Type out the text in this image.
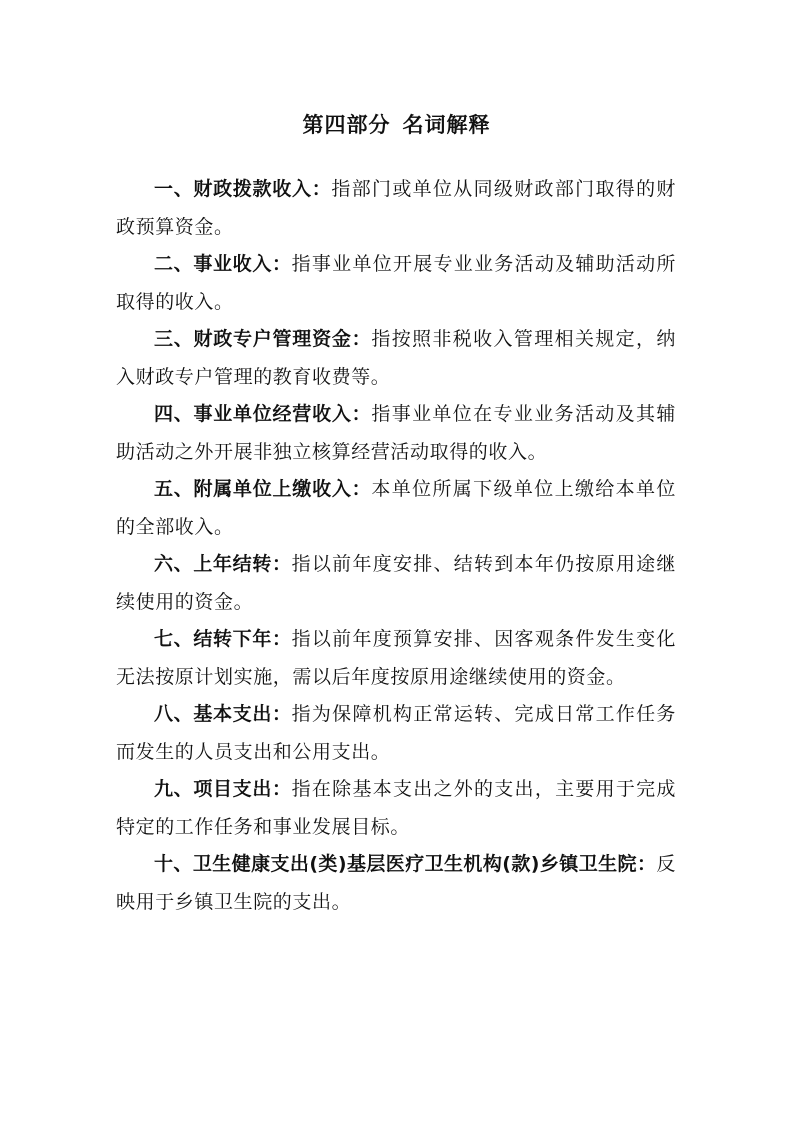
第四部分 名词解释

一、财政拨款收入：指部门或单位从同级财政部门取得的财政预算资金。

二、事业收入：指事业单位开展专业业务活动及辅助活动所取得的收入。

三、财政专户管理资金：指按照非税收入管理相关规定，纳入财政专户管理的教育收费等。

四、事业单位经营收入：指事业单位在专业业务活动及其辅助活动之外开展非独立核算经营活动取得的收入。

五、附属单位上缴收入：本单位所属下级单位上缴给本单位的全部收入。

六、上年结转：指以前年度安排、结转到本年仍按原用途继续使用的资金。

七、结转下年：指以前年度预算安排、因客观条件发生变化无法按原计划实施，需以后年度按原用途继续使用的资金。

八、基本支出：指为保障机构正常运转、完成日常工作任务而发生的人员支出和公用支出。

九、项目支出：指在除基本支出之外的支出，主要用于完成特定的工作任务和事业发展目标。

十、卫生健康支出(类)基层医疗卫生机构(款)乡镇卫生院：反映用于乡镇卫生院的支出。
